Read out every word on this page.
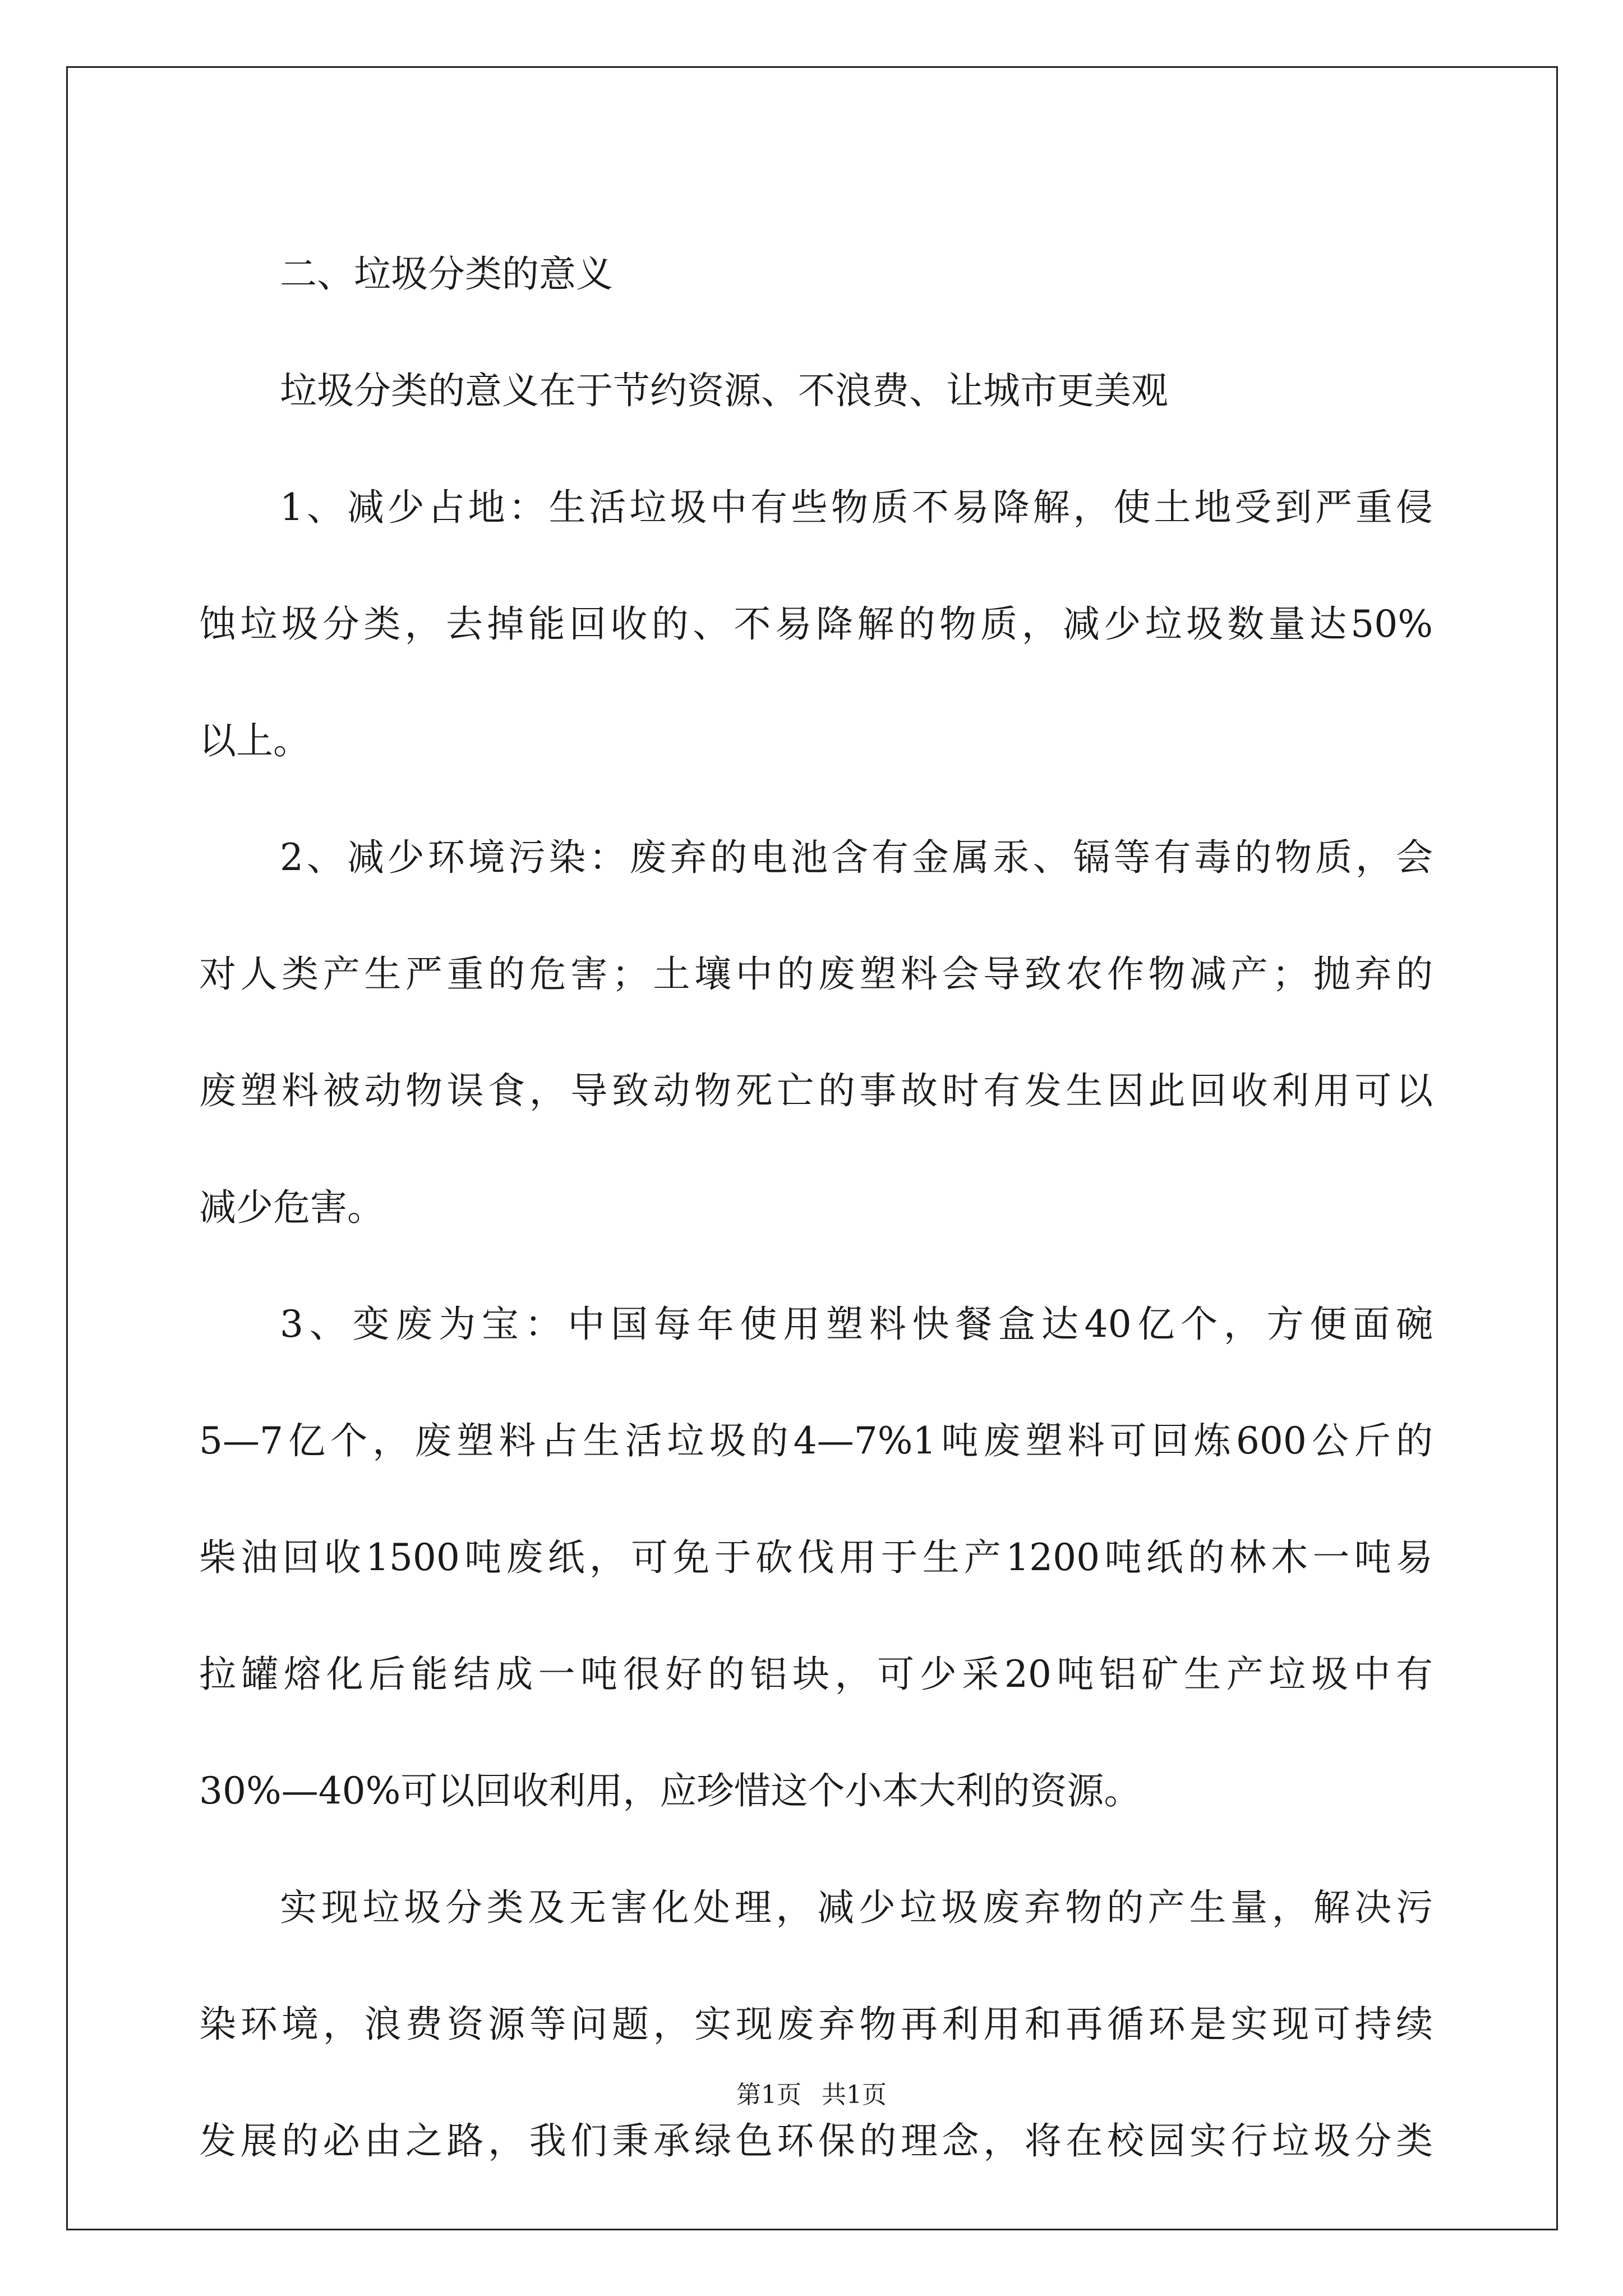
二、垃圾分类的意义
垃圾分类的意义在于节约资源、不浪费、让城市更美观
1、减少占地：生活垃圾中有些物质不易降解，使土地受到严重侵
蚀垃圾分类，去掉能回收的、不易降解的物质，减少垃圾数量达50%
以上。
2、减少环境污染：废弃的电池含有金属汞、镉等有毒的物质，会
对人类产生严重的危害；土壤中的废塑料会导致农作物减产；抛弃的
废塑料被动物误食，导致动物死亡的事故时有发生因此回收利用可以
减少危害。
3、变废为宝：中国每年使用塑料快餐盒达40亿个，方便面碗
5—7亿个，废塑料占生活垃圾的4—7%1吨废塑料可回炼600公斤的
柴油回收1500吨废纸，可免于砍伐用于生产1200吨纸的林木一吨易
拉罐熔化后能结成一吨很好的铝块，可少采20吨铝矿生产垃圾中有
30%—40%可以回收利用，应珍惜这个小本大利的资源。
实现垃圾分类及无害化处理，减少垃圾废弃物的产生量，解决污
染环境，浪费资源等问题，实现废弃物再利用和再循环是实现可持续
发展的必由之路，我们秉承绿色环保的理念，将在校园实行垃圾分类
第1页 共1页
